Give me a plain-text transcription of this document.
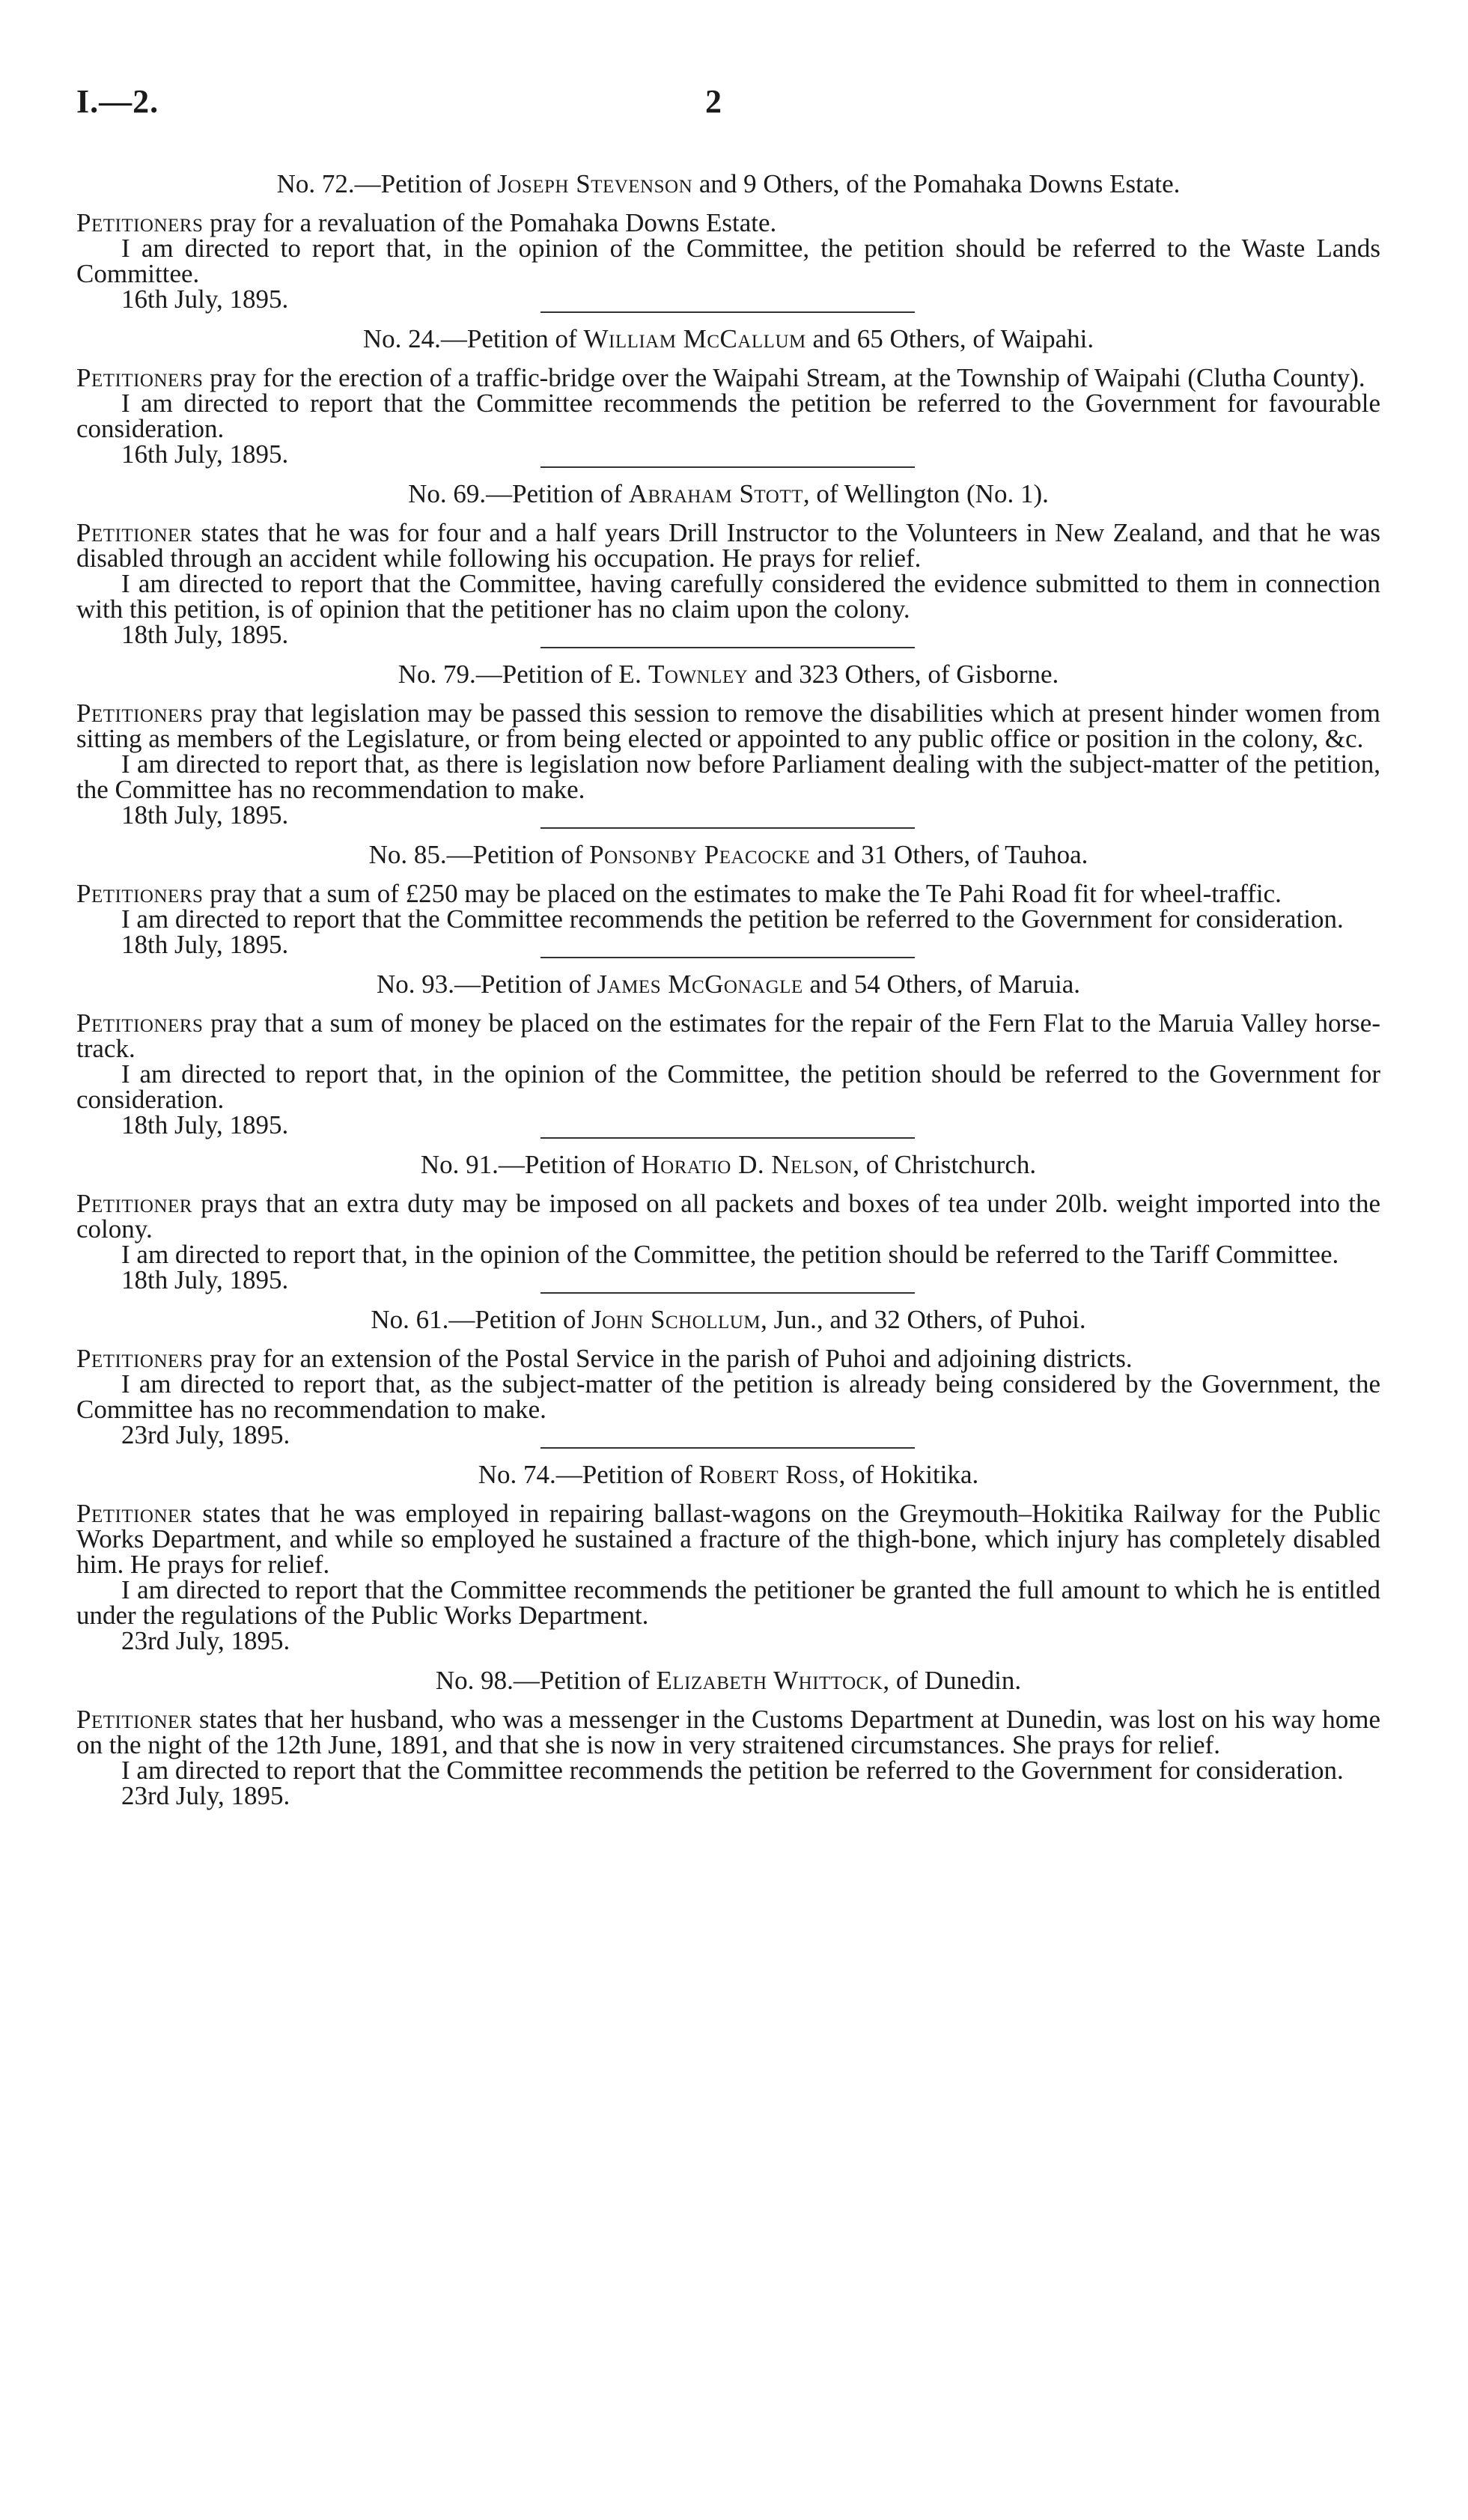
I.—2.	2
No. 72.—Petition of Joseph Stevenson and 9 Others, of the Pomahaka Downs Estate.

Petitioners pray for a revaluation of the Pomahaka Downs Estate.

I am directed to report that, in the opinion of the Committee, the petition should be referred to the Waste Lands Committee.

16th July, 1895.
No. 24.—Petition of William McCallum and 65 Others, of Waipahi.

Petitioners pray for the erection of a traffic-bridge over the Waipahi Stream, at the Township of Waipahi (Clutha County).

I am directed to report that the Committee recommends the petition be referred to the Government for favourable consideration.

16th July, 1895.
No. 69.—Petition of Abraham Stott, of Wellington (No. 1).

Petitioner states that he was for four and a half years Drill Instructor to the Volunteers in New Zealand, and that he was disabled through an accident while following his occupation. He prays for relief.

I am directed to report that the Committee, having carefully considered the evidence submitted to them in connection with this petition, is of opinion that the petitioner has no claim upon the colony.

18th July, 1895.
No. 79.—Petition of E. Townley and 323 Others, of Gisborne.

Petitioners pray that legislation may be passed this session to remove the disabilities which at present hinder women from sitting as members of the Legislature, or from being elected or appointed to any public office or position in the colony, &c.

I am directed to report that, as there is legislation now before Parliament dealing with the subject-matter of the petition, the Committee has no recommendation to make.

18th July, 1895.
No. 85.—Petition of Ponsonby Peacocke and 31 Others, of Tauhoa.

Petitioners pray that a sum of £250 may be placed on the estimates to make the Te Pahi Road fit for wheel-traffic.

I am directed to report that the Committee recommends the petition be referred to the Government for consideration.

18th July, 1895.
No. 93.—Petition of James McGonagle and 54 Others, of Maruia.

Petitioners pray that a sum of money be placed on the estimates for the repair of the Fern Flat to the Maruia Valley horse-track.

I am directed to report that, in the opinion of the Committee, the petition should be referred to the Government for consideration.

18th July, 1895.
No. 91.—Petition of Horatio D. Nelson, of Christchurch.

Petitioner prays that an extra duty may be imposed on all packets and boxes of tea under 20lb. weight imported into the colony.

I am directed to report that, in the opinion of the Committee, the petition should be referred to the Tariff Committee.

18th July, 1895.
No. 61.—Petition of John Schollum, Jun., and 32 Others, of Puhoi.

Petitioners pray for an extension of the Postal Service in the parish of Puhoi and adjoining districts.

I am directed to report that, as the subject-matter of the petition is already being considered by the Government, the Committee has no recommendation to make.

23rd July, 1895.
No. 74.—Petition of Robert Ross, of Hokitika.

Petitioner states that he was employed in repairing ballast-wagons on the Greymouth–Hokitika Railway for the Public Works Department, and while so employed he sustained a fracture of the thigh-bone, which injury has completely disabled him. He prays for relief.

I am directed to report that the Committee recommends the petitioner be granted the full amount to which he is entitled under the regulations of the Public Works Department.

23rd July, 1895.
No. 98.—Petition of Elizabeth Whittock, of Dunedin.

Petitioner states that her husband, who was a messenger in the Customs Department at Dunedin, was lost on his way home on the night of the 12th June, 1891, and that she is now in very straitened circumstances. She prays for relief.

I am directed to report that the Committee recommends the petition be referred to the Government for consideration.

23rd July, 1895.
